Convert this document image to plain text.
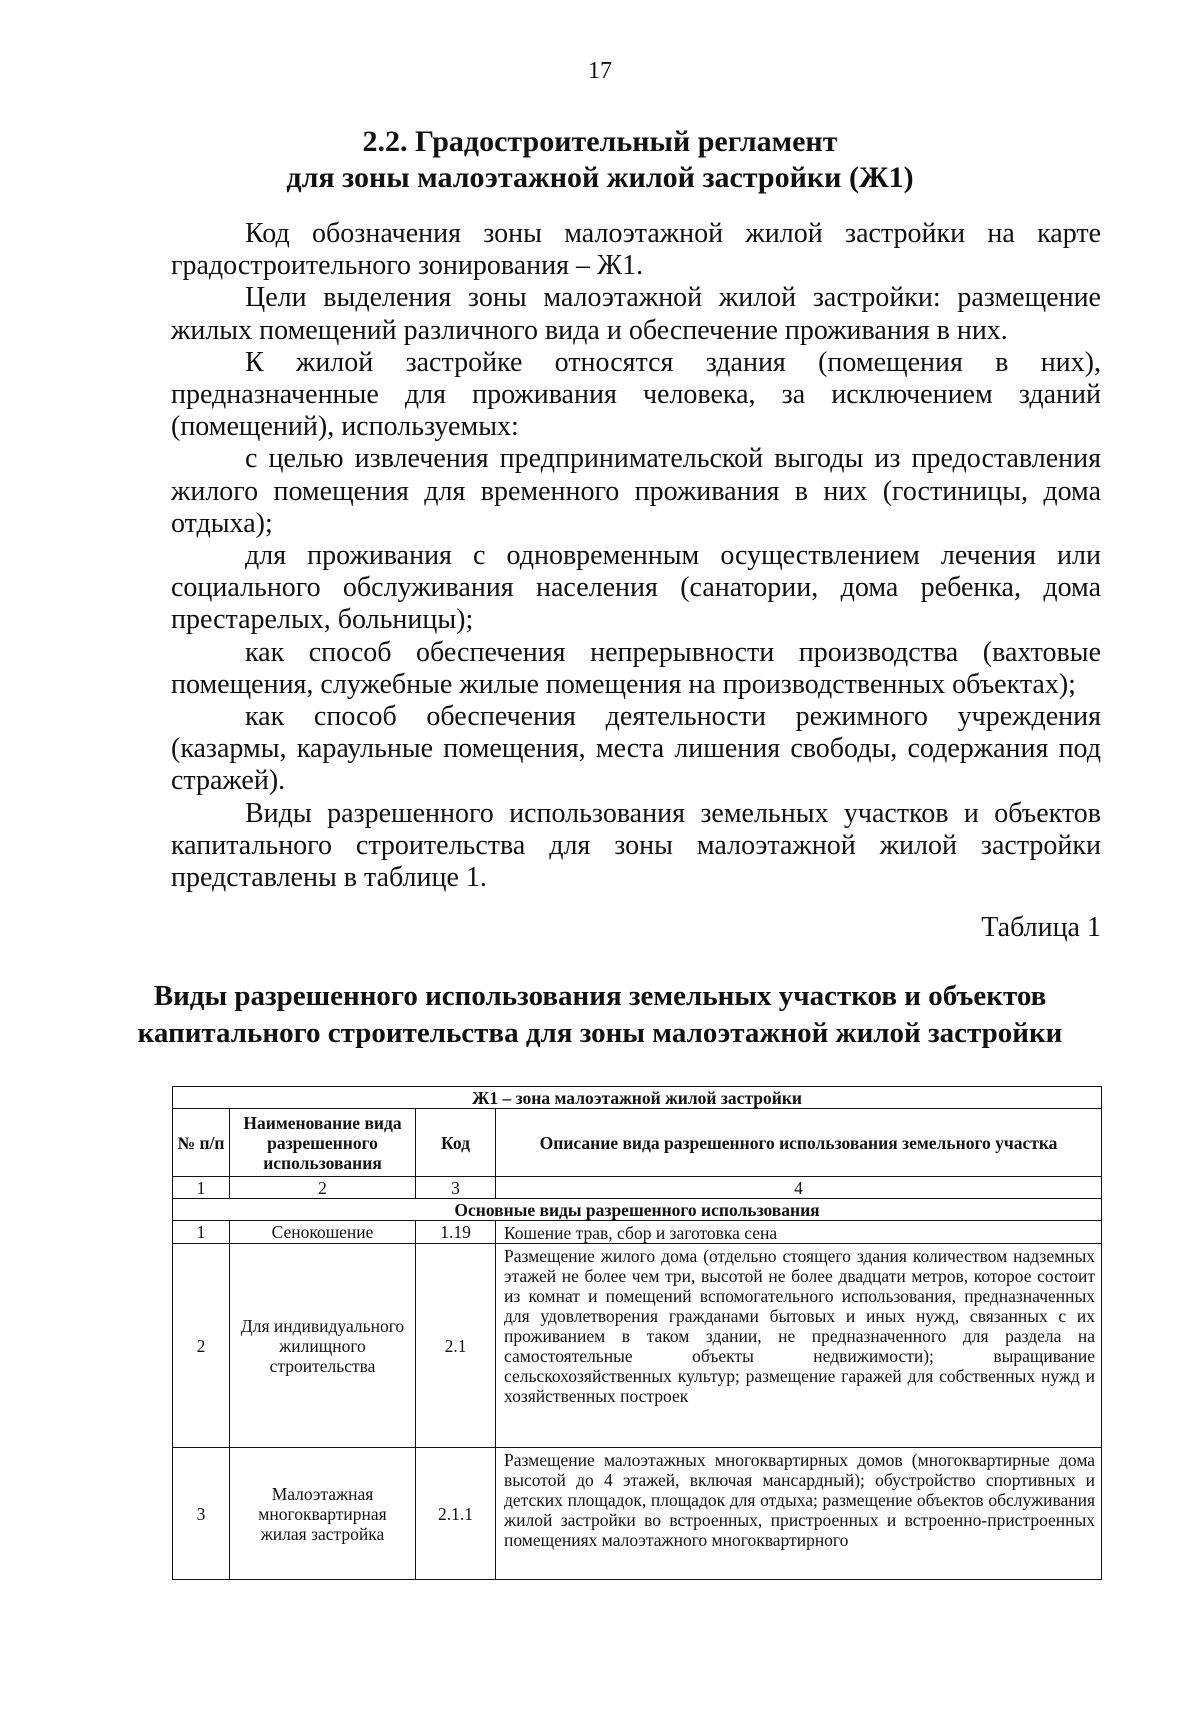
17
2.2. Градостроительный регламент
для зоны малоэтажной жилой застройки (Ж1)

Код обозначения зоны малоэтажной жилой застройки на карте градостроительного зонирования – Ж1.

Цели выделения зоны малоэтажной жилой застройки: размещение жилых помещений различного вида и обеспечение проживания в них.

К жилой застройке относятся здания (помещения в них), предназначенные для проживания человека, за исключением зданий (помещений), используемых:

с целью извлечения предпринимательской выгоды из предоставления жилого помещения для временного проживания в них (гостиницы, дома отдыха);

для проживания с одновременным осуществлением лечения или социального обслуживания населения (санатории, дома ребенка, дома престарелых, больницы);

как способ обеспечения непрерывности производства (вахтовые помещения, служебные жилые помещения на производственных объектах);

как способ обеспечения деятельности режимного учреждения (казармы, караульные помещения, места лишения свободы, содержания под стражей).

Виды разрешенного использования земельных участков и объектов капитального строительства для зоны малоэтажной жилой застройки представлены в таблице 1.

Таблица 1
Виды разрешенного использования земельных участков и объектов
капитального строительства для зоны малоэтажной жилой застройки
Ж1 – зона малоэтажной жилой застройки			
№ п/п	Наименование вида разрешенного использования	Код	Описание вида разрешенного использования земельного участка
1	2	3	4
Основные виды разрешенного использования			
1	Сенокошение	1.19	Кошение трав, сбор и заготовка сена
2	Для индивидуального жилищного строительства	2.1	Размещение жилого дома (отдельно стоящего здания количеством надземных этажей не более чем три, высотой не более двадцати метров, которое состоит из комнат и помещений вспомогательного использования, предназначенных для удовлетворения гражданами бытовых и иных нужд, связанных с их проживанием в таком здании, не предназначенного для раздела на самостоятельные объекты недвижимости); выращивание сельскохозяйственных культур; размещение гаражей для собственных нужд и хозяйственных построек
3	Малоэтажная многоквартирная жилая застройка	2.1.1	Размещение малоэтажных многоквартирных домов (многоквартирные дома высотой до 4 этажей, включая мансардный); обустройство спортивных и детских площадок, площадок для отдыха; размещение объектов обслуживания жилой застройки во встроенных, пристроенных и встроенно-пристроенных помещениях малоэтажного многоквартирного
